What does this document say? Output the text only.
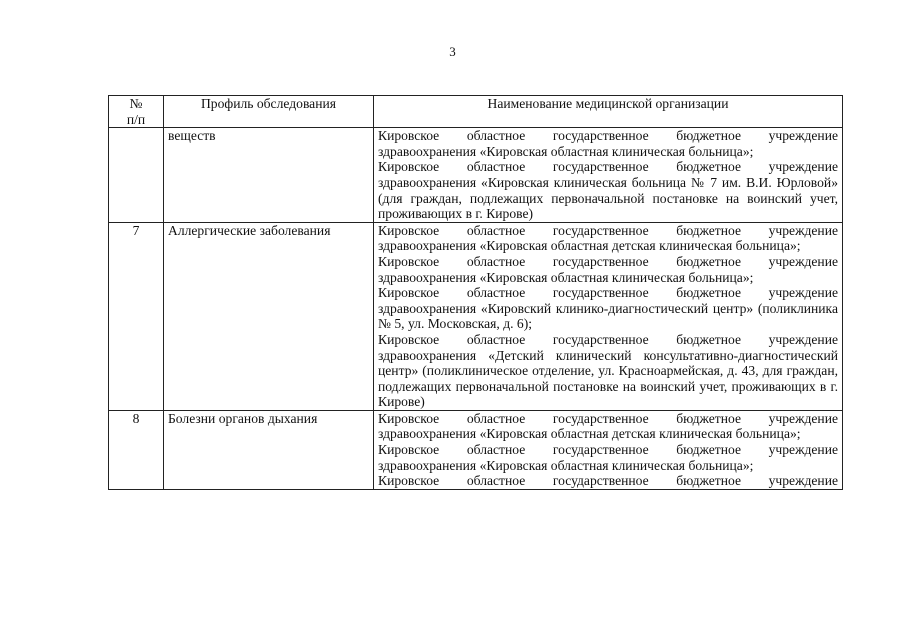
3
№
п/п	Профиль обследования	Наименование медицинской организации
	веществ	Кировское областное государственное бюджетное учреждение здравоохранения «Кировская областная клиническая больница»;
Кировское областное государственное бюджетное учреждение здравоохранения «Кировская клиническая больница № 7 им. В.И. Юрловой» (для граждан, подлежащих первоначальной постановке на воинский учет, проживающих в г. Кирове)

7	Аллергические заболевания	Кировское областное государственное бюджетное учреждение здравоохранения «Кировская областная детская клиническая больница»;
Кировское областное государственное бюджетное учреждение здравоохранения «Кировская областная клиническая больница»;
Кировское областное государственное бюджетное учреждение здравоохранения «Кировский клинико-диагностический центр» (поликлиника № 5, ул. Московская, д. 6);
Кировское областное государственное бюджетное учреждение здравоохранения «Детский клинический консультативно-диагностический центр» (поликлиническое отделение, ул. Красноармейская, д. 43, для граждан, подлежащих первоначальной постановке на воинский учет, проживающих в г. Кирове)

8	Болезни органов дыхания	Кировское областное государственное бюджетное учреждение здравоохранения «Кировская областная детская клиническая больница»;
Кировское областное государственное бюджетное учреждение здравоохранения «Кировская областная клиническая больница»;
Кировское областное государственное бюджетное учреждение
